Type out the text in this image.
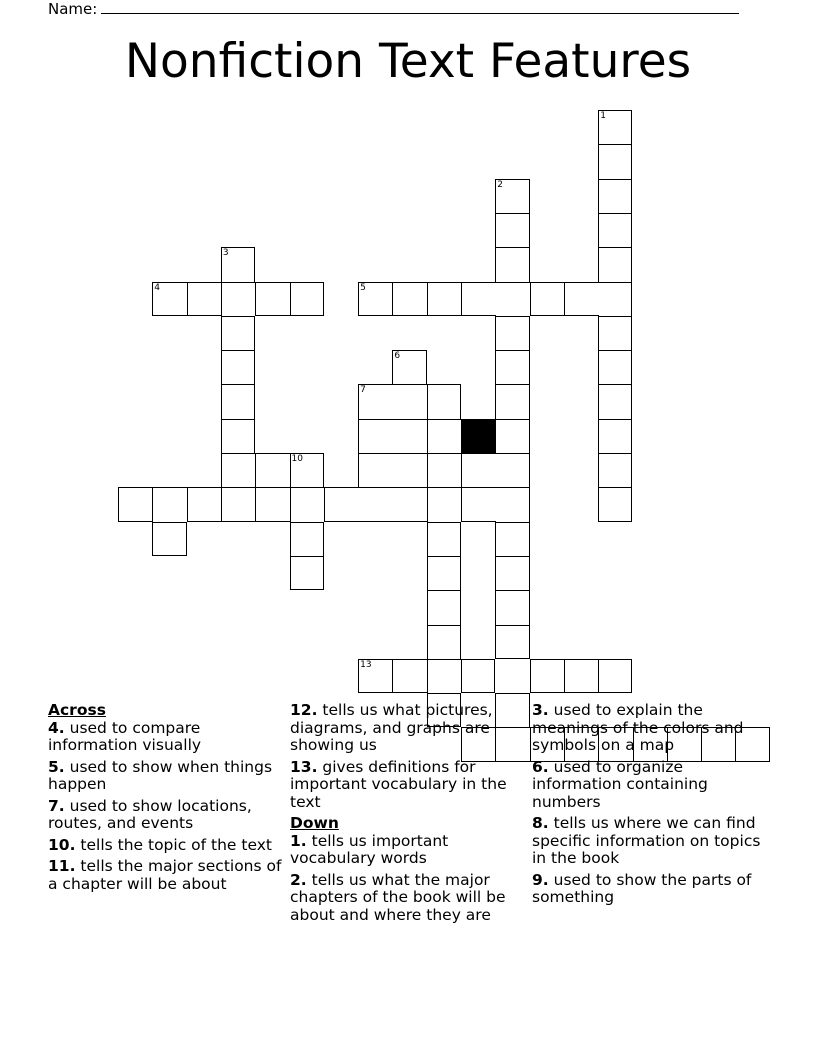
Name:
Nonfiction Text Features
1
2
3
4	5
6
7
10
13
Across
4. used to compare information visually
5. used to show when things happen
7. used to show locations, routes, and events
10. tells the topic of the text
11. tells the major sections of a chapter will be about
12. tells us what pictures, diagrams, and graphs are showing us
13. gives definitions for important vocabulary in the text
Down
1. tells us important vocabulary words
2. tells us what the major chapters of the book will be about and where they are
3. used to explain the meanings of the colors and symbols on a map
6. used to organize information containing numbers
8. tells us where we can find specific information on topics in the book
9. used to show the parts of something
